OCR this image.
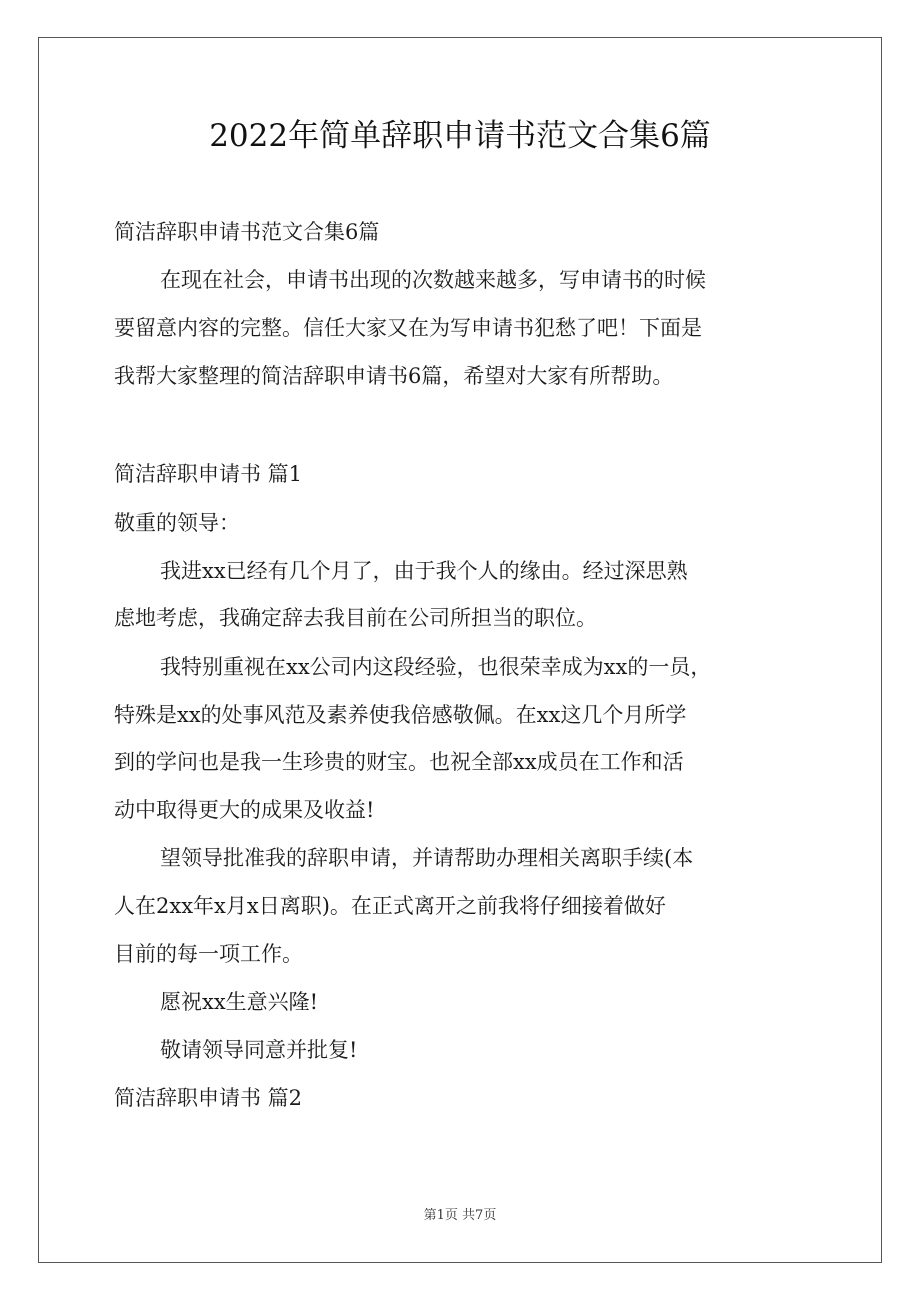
2022年简单辞职申请书范文合集6篇

简洁辞职申请书范文合集6篇

在现在社会，申请书出现的次数越来越多，写申请书的时候

要留意内容的完整。信任大家又在为写申请书犯愁了吧！下面是

我帮大家整理的简洁辞职申请书6篇，希望对大家有所帮助。

简洁辞职申请书 篇1

敬重的领导：

我进xx已经有几个月了，由于我个人的缘由。经过深思熟

虑地考虑，我确定辞去我目前在公司所担当的职位。

我特别重视在xx公司内这段经验，也很荣幸成为xx的一员，

特殊是xx的处事风范及素养使我倍感敬佩。在xx这几个月所学

到的学问也是我一生珍贵的财宝。也祝全部xx成员在工作和活

动中取得更大的成果及收益!

望领导批准我的辞职申请，并请帮助办理相关离职手续(本

人在2xx年x月x日离职)。在正式离开之前我将仔细接着做好

目前的每一项工作。

愿祝xx生意兴隆!

敬请领导同意并批复!

简洁辞职申请书 篇2

第1页 共7页
